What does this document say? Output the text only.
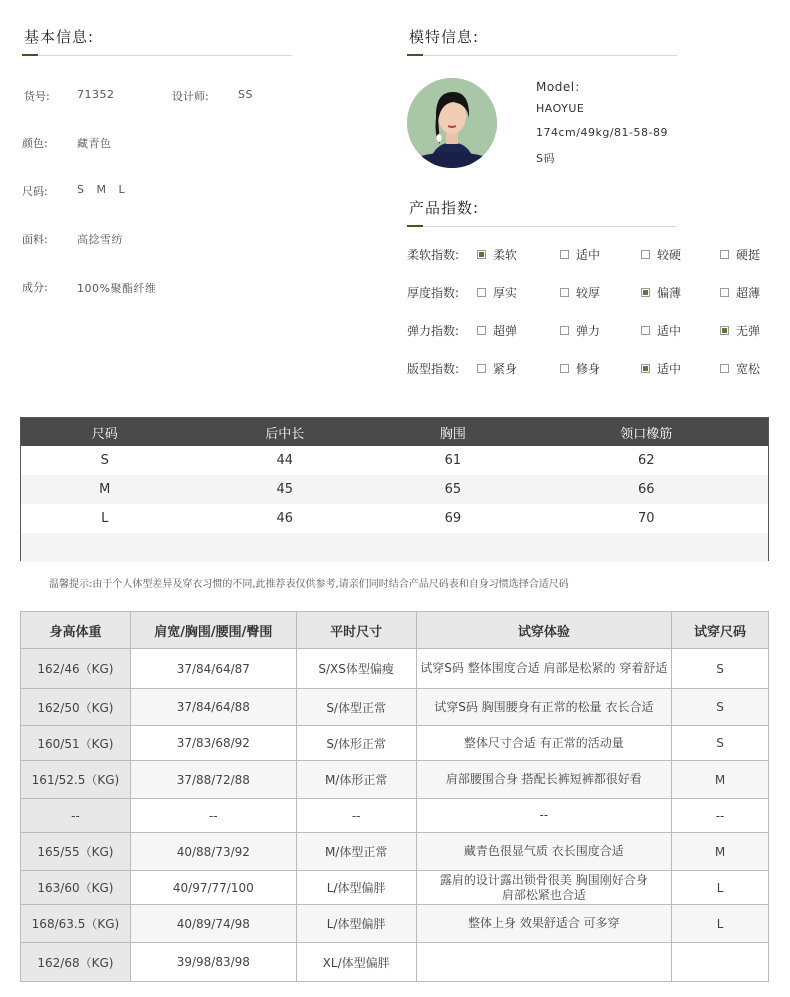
基本信息:
货号: 71352	设计师:	SS
颜色:	藏青色
尺码:	S   M   L
面料:	高捻雪纺
成分:	100%聚酯纤维
模特信息:
Model：
HAOYUE
174cm/49kg/81-58-89
S码
产品指数:
柔软指数:	柔软	适中	较硬	硬挺
厚度指数:	厚实	较厚	偏薄	超薄
弹力指数:	超弹	弹力	适中	无弹
版型指数:	紧身	修身	适中	宽松
尺码	后中长	胸围	领口橡筋
S	44	61	62
M	45	65	66
L	46	69	70
温馨提示:由于个人体型差异及穿衣习惯的不同,此推荐表仅供参考,请亲们同时结合产品尺码表和自身习惯选择合适尺码
身高体重	肩宽/胸围/腰围/臀围	平时尺寸	试穿体验	试穿尺码
162/46（KG)	37/84/64/87	S/XS体型偏瘦	试穿S码 整体围度合适 肩部是松紧的 穿着舒适	S
162/50（KG)	37/84/64/88	S/体型正常	试穿S码 胸围腰身有正常的松量 衣长合适	S
160/51（KG)	37/83/68/92	S/体形正常	整体尺寸合适 有正常的活动量	S
161/52.5（KG)	37/88/72/88	M/体形正常	肩部腰围合身 搭配长裤短裤都很好看	M
--	--	--	--	--
165/55（KG)	40/88/73/92	M/体型正常	藏青色很显气质 衣长围度合适	M
163/60（KG)	40/97/77/100	L/体型偏胖	露肩的设计露出锁骨很美 胸围刚好合身
肩部松紧也合适	L
168/63.5（KG)	40/89/74/98	L/体型偏胖	整体上身 效果舒适合 可多穿	L
162/68（KG)	39/98/83/98	XL/体型偏胖		
